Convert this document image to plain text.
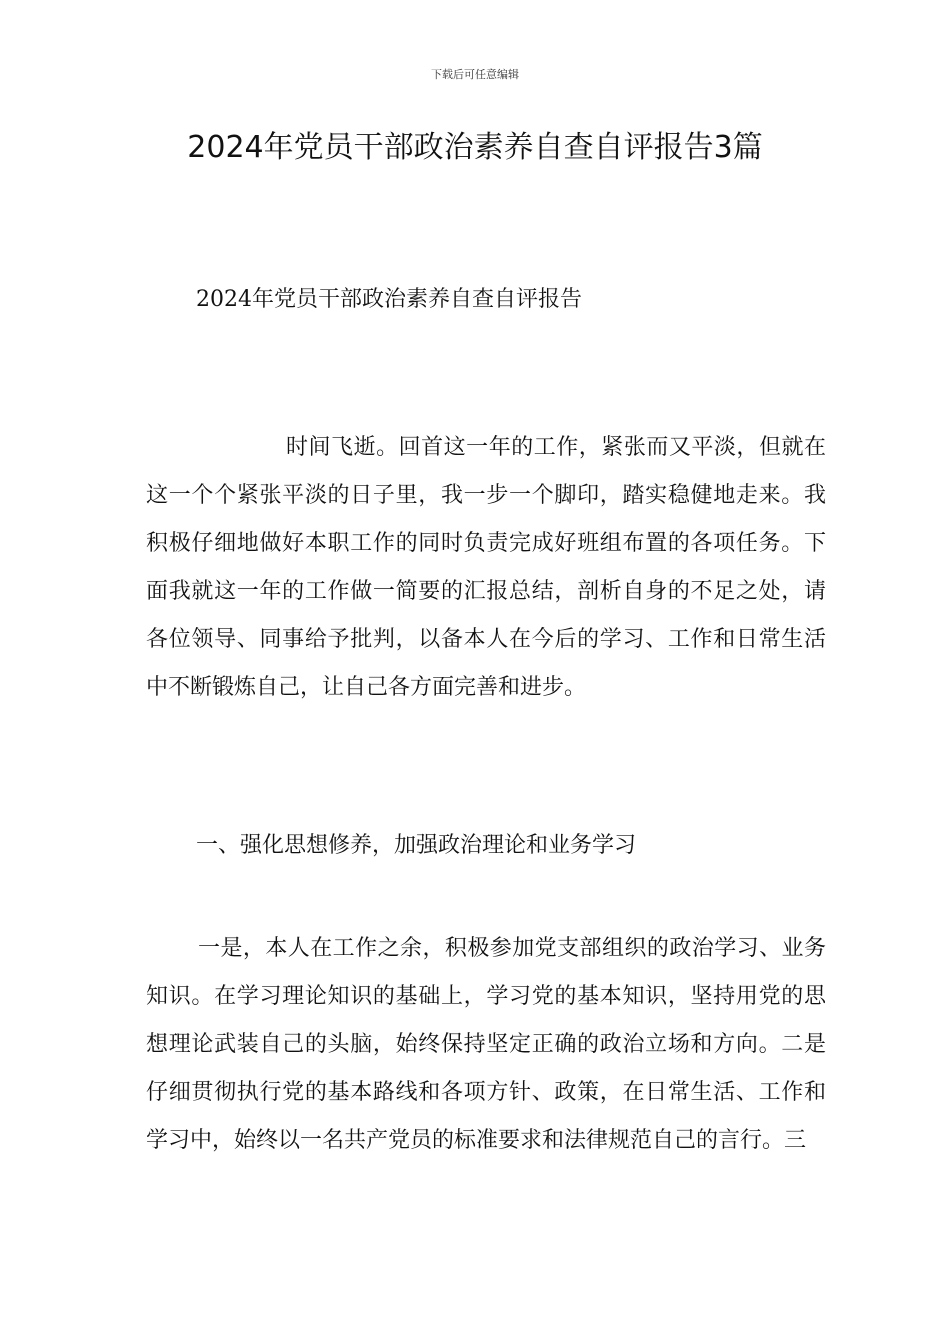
下载后可任意编辑
2024年党员干部政治素养自查自评报告3篇
2024年党员干部政治素养自查自评报告

时间飞逝。回首这一年的工作，紧张而又平淡，但就在这一个个紧张平淡的日子里，我一步一个脚印，踏实稳健地走来。我积极仔细地做好本职工作的同时负责完成好班组布置的各项任务。下面我就这一年的工作做一简要的汇报总结，剖析自身的不足之处，请各位领导、同事给予批判，以备本人在今后的学习、工作和日常生活中不断锻炼自己，让自己各方面完善和进步。

一、强化思想修养，加强政治理论和业务学习

一是，本人在工作之余，积极参加党支部组织的政治学习、业务知识。在学习理论知识的基础上，学习党的基本知识，坚持用党的思想理论武装自己的头脑，始终保持坚定正确的政治立场和方向。二是仔细贯彻执行党的基本路线和各项方针、政策，在日常生活、工作和学习中，始终以一名共产党员的标准要求和法律规范自己的言行。三
